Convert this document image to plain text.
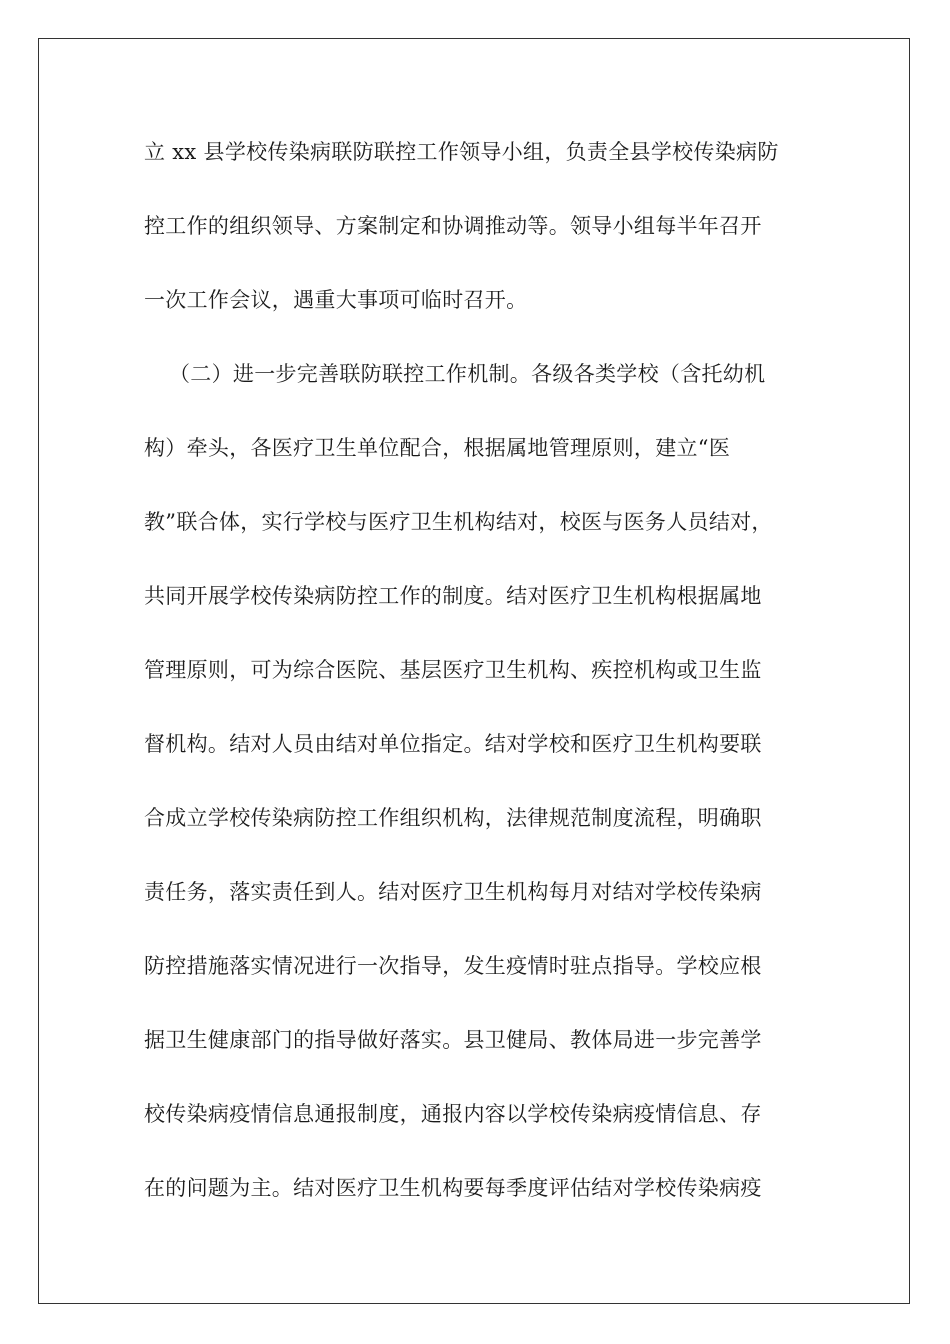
立 xx 县学校传染病联防联控工作领导小组，负责全县学校传染病防
控工作的组织领导、方案制定和协调推动等。领导小组每半年召开
一次工作会议，遇重大事项可临时召开。
（二）进一步完善联防联控工作机制。各级各类学校（含托幼机
构）牵头，各医疗卫生单位配合，根据属地管理原则，建立“医
教”联合体，实行学校与医疗卫生机构结对，校医与医务人员结对，
共同开展学校传染病防控工作的制度。结对医疗卫生机构根据属地
管理原则，可为综合医院、基层医疗卫生机构、疾控机构或卫生监
督机构。结对人员由结对单位指定。结对学校和医疗卫生机构要联
合成立学校传染病防控工作组织机构，法律规范制度流程，明确职
责任务，落实责任到人。结对医疗卫生机构每月对结对学校传染病
防控措施落实情况进行一次指导，发生疫情时驻点指导。学校应根
据卫生健康部门的指导做好落实。县卫健局、教体局进一步完善学
校传染病疫情信息通报制度，通报内容以学校传染病疫情信息、存
在的问题为主。结对医疗卫生机构要每季度评估结对学校传染病疫
